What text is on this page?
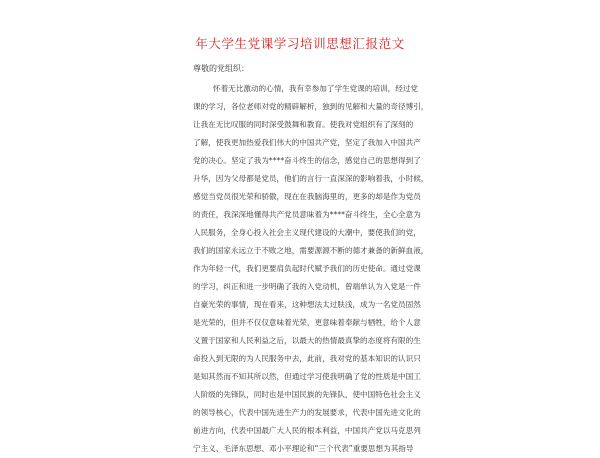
年大学生党课学习培训思想汇报范文
尊敬的党组织：
怀着无比激动的心情，我有幸参加了学生党课的培训，经过党
课的学习，各位老师对党的精辟解析，独到的见解和大量的奇径博引，
让我在无比叹服的同时深受鼓舞和教育。使我对党组织有了深刻的
了解，使我更加热爱我们伟大的中国共产党，坚定了我加入中国共产
党的决心。坚定了我为****奋斗终生的信念，感觉自己的思想得到了
升华，因为父母都是党员，他们的言行一直深深的影响着我，小时候，
感觉当党员很光荣和骄傲，现在在我脑海里的，更多的却是作为党员
的责任，我深深地懂得共产党员意味着为****奋斗终生，全心全意为
人民服务，全身心投入社会主义现代建设的大潮中，要使我们的党，
我们的国家永远立于不败之地，需要源源不断的德才兼备的新鲜血液，
作为年轻一代，我们更要肩负起时代赋予我们的历史使命。通过党课
的学习，纠正和进一步明确了我的入党动机，曾端单认为入党是一件
自豪光荣的事情，现在看来，这种想法太过肤浅，成为一名党员固然
是光荣的，但并不仅仅意味着光荣，更意味着奉献与牺牲，给个人意
义置于国家和人民利益之后，以最大的热情最真挚的态度将有限的生
命投入到无限的为人民服务中去，此前，我对党的基本知识的认识只
是知其然而不知其所以然，但通过学习使我明确了党的性质是中国工
人阶级的先锋队，同时也是中国民族的先锋队，使中国特色社会主义
的领导核心，代表中国先进生产力的发展要求，代表中国先进文化的
前进方向，代表中国最广大人民的根本利益，中国共产党以马克思列
宁主义、毛泽东思想、邓小平理论和“三个代表”重要思想为其指导
